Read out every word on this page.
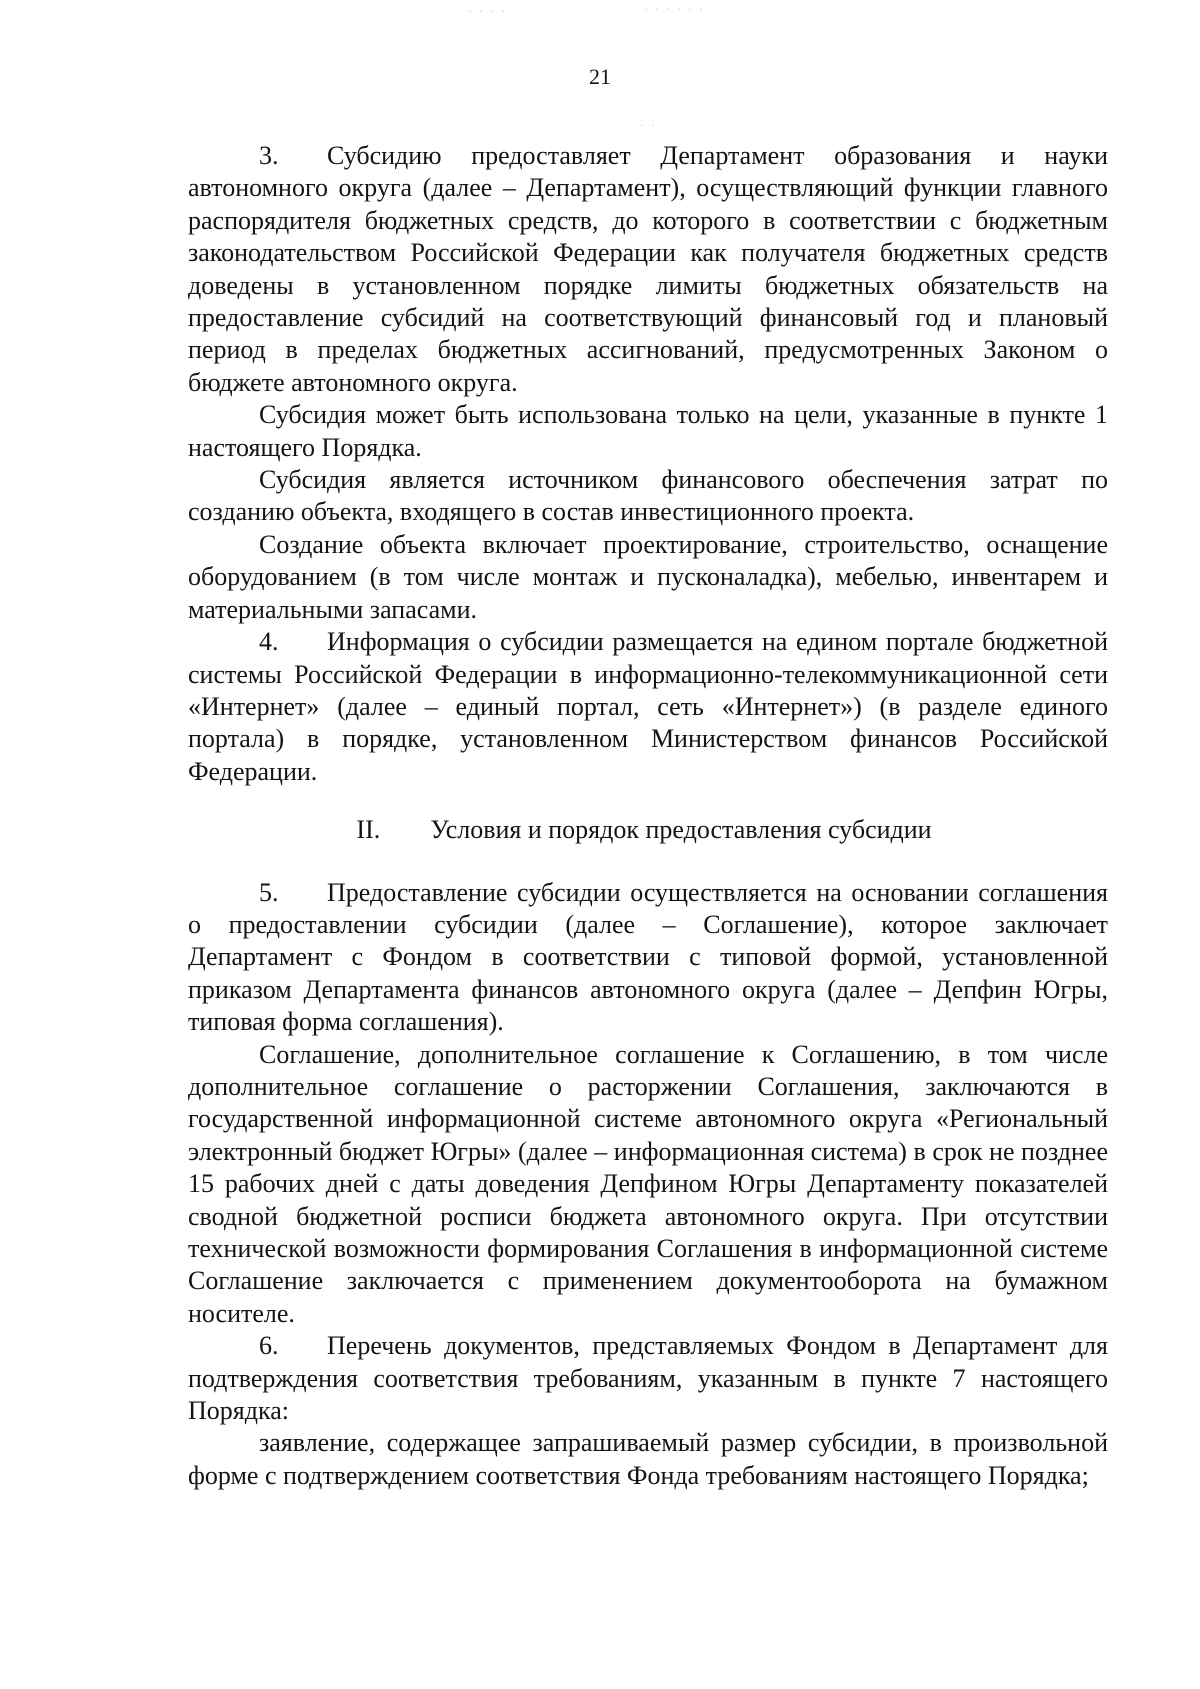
· · · ·	· · · · · ·
· ·
21

3. Субсидию предоставляет Департамент образования и науки автономного округа (далее – Департамент), осуществляющий функции главного распорядителя бюджетных средств, до которого в соответствии с бюджетным законодательством Российской Федерации как получателя бюджетных средств доведены в установленном порядке лимиты бюджетных обязательств на предоставление субсидий на соответствующий финансовый год и плановый период в пределах бюджетных ассигнований, предусмотренных Законом о бюджете автономного округа.

Субсидия может быть использована только на цели, указанные в пункте 1 настоящего Порядка.

Субсидия является источником финансового обеспечения затрат по созданию объекта, входящего в состав инвестиционного проекта.

Создание объекта включает проектирование, строительство, оснащение оборудованием (в том числе монтаж и пусконаладка), мебелью, инвентарем и материальными запасами.

4. Информация о субсидии размещается на едином портале бюджетной системы Российской Федерации в информационно-телекоммуникационной сети «Интернет» (далее – единый портал, сеть «Интернет») (в разделе единого портала) в порядке, установленном Министерством финансов Российской Федерации.

II. Условия и порядок предоставления субсидии

5. Предоставление субсидии осуществляется на основании соглашения о предоставлении субсидии (далее – Соглашение), которое заключает Департамент с Фондом в соответствии с типовой формой, установленной приказом Департамента финансов автономного округа (далее – Депфин Югры, типовая форма соглашения).

Соглашение, дополнительное соглашение к Соглашению, в том числе дополнительное соглашение о расторжении Соглашения, заключаются в государственной информационной системе автономного округа «Региональный электронный бюджет Югры» (далее – информационная система) в срок не позднее 15 рабочих дней с даты доведения Депфином Югры Департаменту показателей сводной бюджетной росписи бюджета автономного округа. При отсутствии технической возможности формирования Соглашения в информационной системе Соглашение заключается с применением документооборота на бумажном носителе.

6. Перечень документов, представляемых Фондом в Департамент для подтверждения соответствия требованиям, указанным в пункте 7 настоящего Порядка:

заявление, содержащее запрашиваемый размер субсидии, в произвольной форме с подтверждением соответствия Фонда требованиям настоящего Порядка;
